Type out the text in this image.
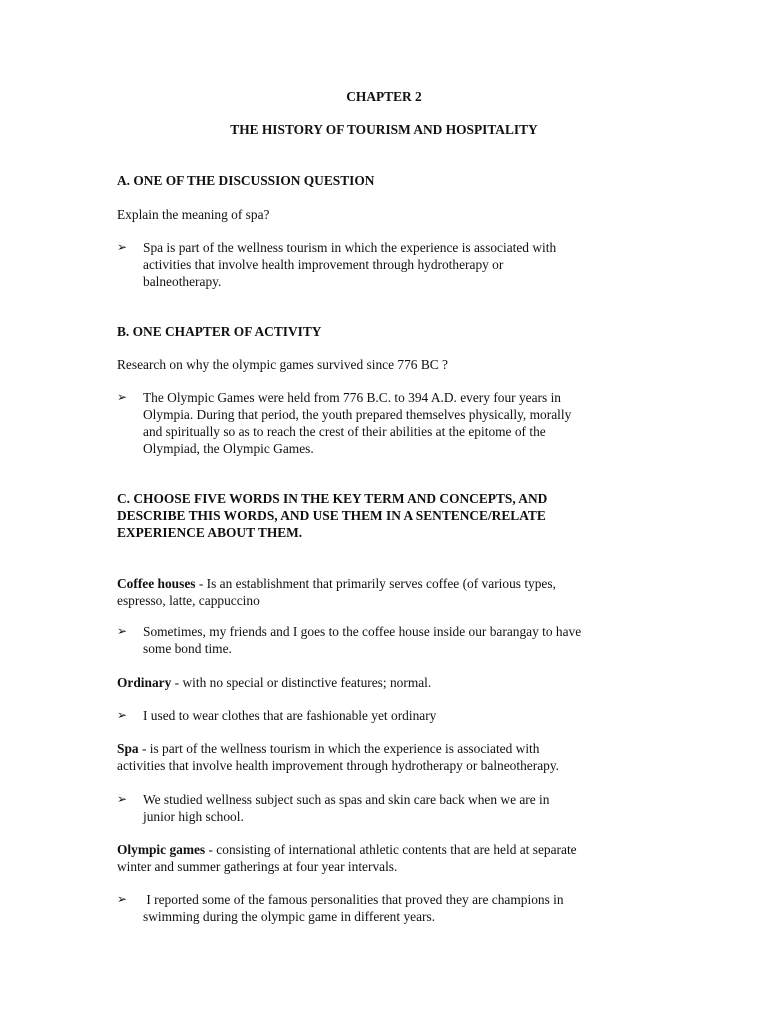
CHAPTER 2
THE HISTORY OF TOURISM AND HOSPITALITY
A. ONE OF THE DISCUSSION QUESTION
Explain the meaning of spa?
➢ Spa is part of the wellness tourism in which the experience is associated with
activities that involve health improvement through hydrotherapy or
balneotherapy.
B. ONE CHAPTER OF ACTIVITY
Research on why the olympic games survived since 776 BC ?
➢ The Olympic Games were held from 776 B.C. to 394 A.D. every four years in
Olympia. During that period, the youth prepared themselves physically, morally
and spiritually so as to reach the crest of their abilities at the epitome of the
Olympiad, the Olympic Games.
C. CHOOSE FIVE WORDS IN THE KEY TERM AND CONCEPTS, AND
DESCRIBE THIS WORDS, AND USE THEM IN A SENTENCE/RELATE
EXPERIENCE ABOUT THEM.
Coffee houses - Is an establishment that primarily serves coffee (of various types,
espresso, latte, cappuccino
➢ Sometimes, my friends and I goes to the coffee house inside our barangay to have
some bond time.
Ordinary - with no special or distinctive features; normal.
➢ I used to wear clothes that are fashionable yet ordinary
Spa - is part of the wellness tourism in which the experience is associated with
activities that involve health improvement through hydrotherapy or balneotherapy.
➢ We studied wellness subject such as spas and skin care back when we are in
junior high school.
Olympic games - consisting of international athletic contents that are held at separate
winter and summer gatherings at four year intervals.
➢ I reported some of the famous personalities that proved they are champions in
swimming during the olympic game in different years.
